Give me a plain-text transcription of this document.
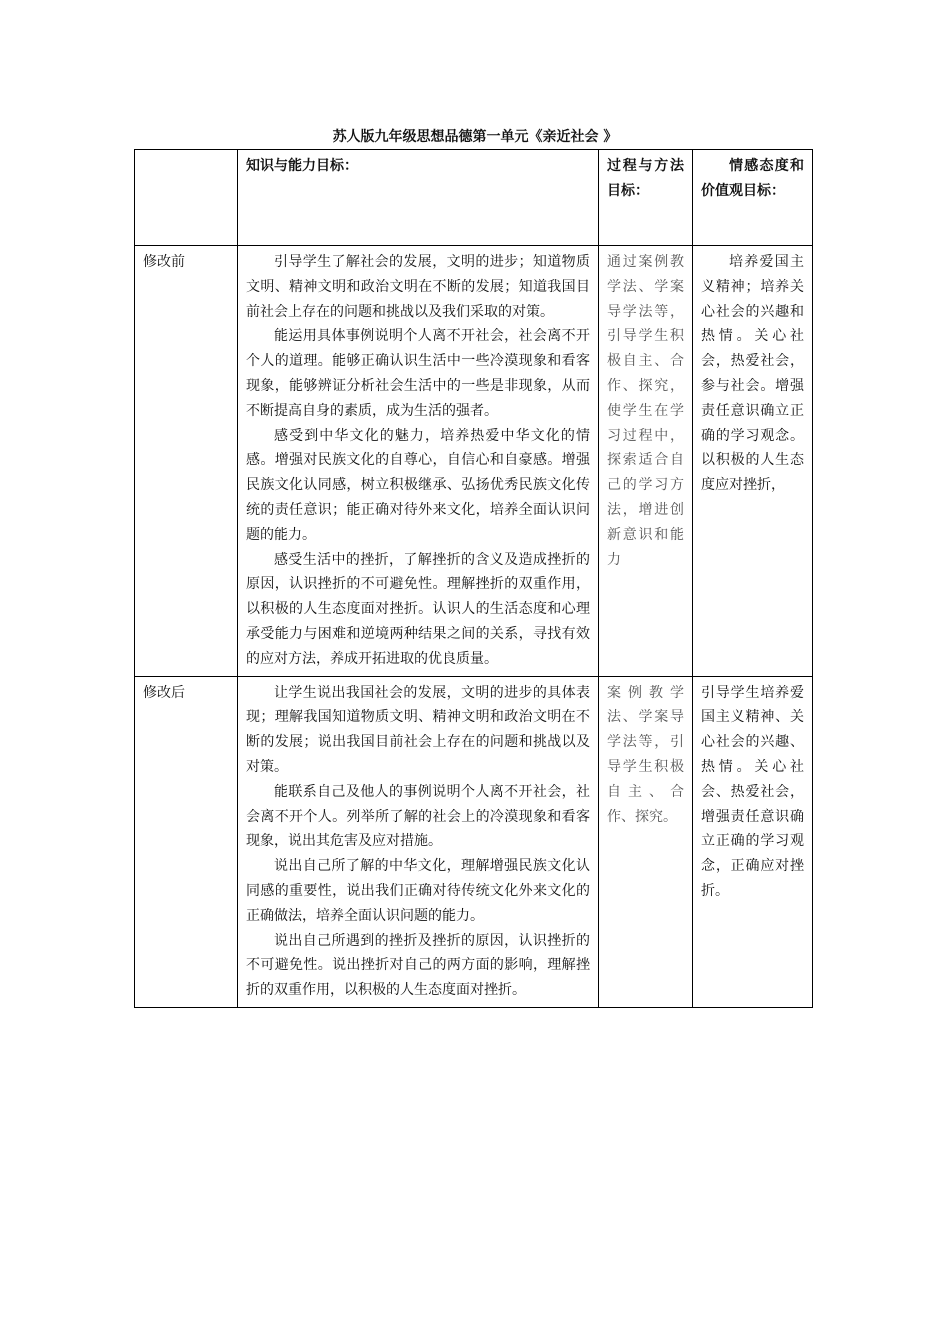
苏人版九年级思想品德第一单元《亲近社会 》
	知识与能力目标：	过程与方法目标：	情感态度和价值观目标：

修改前	引导学生了解社会的发展，文明的进步；知道物质文明、精神文明和政治文明在不断的发展；知道我国目前社会上存在的问题和挑战以及我们采取的对策。

能运用具体事例说明个人离不开社会，社会离不开个人的道理。能够正确认识生活中一些冷漠现象和看客现象，能够辨证分析社会生活中的一些是非现象，从而不断提高自身的素质，成为生活的强者。

感受到中华文化的魅力，培养热爱中华文化的情感。增强对民族文化的自尊心，自信心和自豪感。增强民族文化认同感，树立积极继承、弘扬优秀民族文化传统的责任意识；能正确对待外来文化，培养全面认识问题的能力。

感受生活中的挫折，了解挫折的含义及造成挫折的原因，认识挫折的不可避免性。理解挫折的双重作用，以积极的人生态度面对挫折。认识人的生活态度和心理承受能力与困难和逆境两种结果之间的关系，寻找有效的应对方法，养成开拓进取的优良质量。	通过案例教学法、学案导学法等，引导学生积极自主、合作、探究，使学生在学习过程中，探索适合自己的学习方法，增进创新意识和能力	培养爱国主义精神；培养关心社会的兴趣和热情。关心社会，热爱社会，参与社会。增强责任意识确立正确的学习观念。 以积极的人生态度应对挫折，

修改后	让学生说出我国社会的发展，文明的进步的具体表现；理解我国知道物质文明、精神文明和政治文明在不断的发展；说出我国目前社会上存在的问题和挑战以及对策。

能联系自己及他人的事例说明个人离不开社会，社会离不开个人。列举所了解的社会上的冷漠现象和看客现象，说出其危害及应对措施。

说出自己所了解的中华文化，理解增强民族文化认同感的重要性，说出我们正确对待传统文化外来文化的正确做法，培养全面认识问题的能力。

说出自己所遇到的挫折及挫折的原因，认识挫折的不可避免性。说出挫折对自己的两方面的影响，理解挫折的双重作用，以积极的人生态度面对挫折。	案例教学法、学案导学法等，引导学生积极自主、合作、探究。	引导学生培养爱国主义精神、关心社会的兴趣、热情。关心社会、热爱社会，增强责任意识确立正确的学习观念，正确应对挫折。
